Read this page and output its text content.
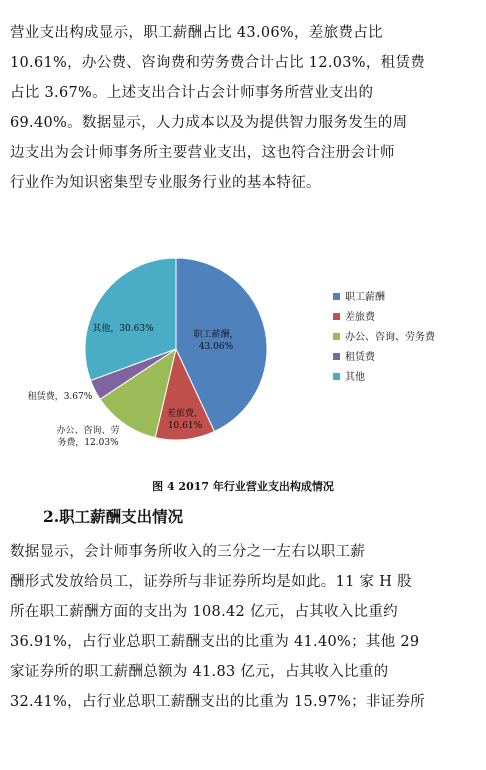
营业支出构成显示，职工薪酬占比 43.06%，差旅费占比
10.61%，办公费、咨询费和劳务费合计占比 12.03%，租赁费
占比 3.67%。上述支出合计占会计师事务所营业支出的
69.40%。数据显示，人力成本以及为提供智力服务发生的周
边支出为会计师事务所主要营业支出，这也符合注册会计师
行业作为知识密集型专业服务行业的基本特征。

职工薪酬， 43.06%
差旅费， 10.61%
办公、咨询、劳务费，12.03%
租赁费，3.67%
其他，30.63%
职工薪酬
差旅费
办公、咨询、劳务费
租赁费
其他
图 4 2017 年行业营业支出构成情况
2.职工薪酬支出情况

数据显示，会计师事务所收入的三分之一左右以职工薪
酬形式发放给员工，证券所与非证券所均是如此。11 家 H 股
所在职工薪酬方面的支出为 108.42 亿元，占其收入比重约
36.91%，占行业总职工薪酬支出的比重为 41.40%；其他 29
家证券所的职工薪酬总额为 41.83 亿元，占其收入比重的
32.41%，占行业总职工薪酬支出的比重为 15.97%；非证券所
